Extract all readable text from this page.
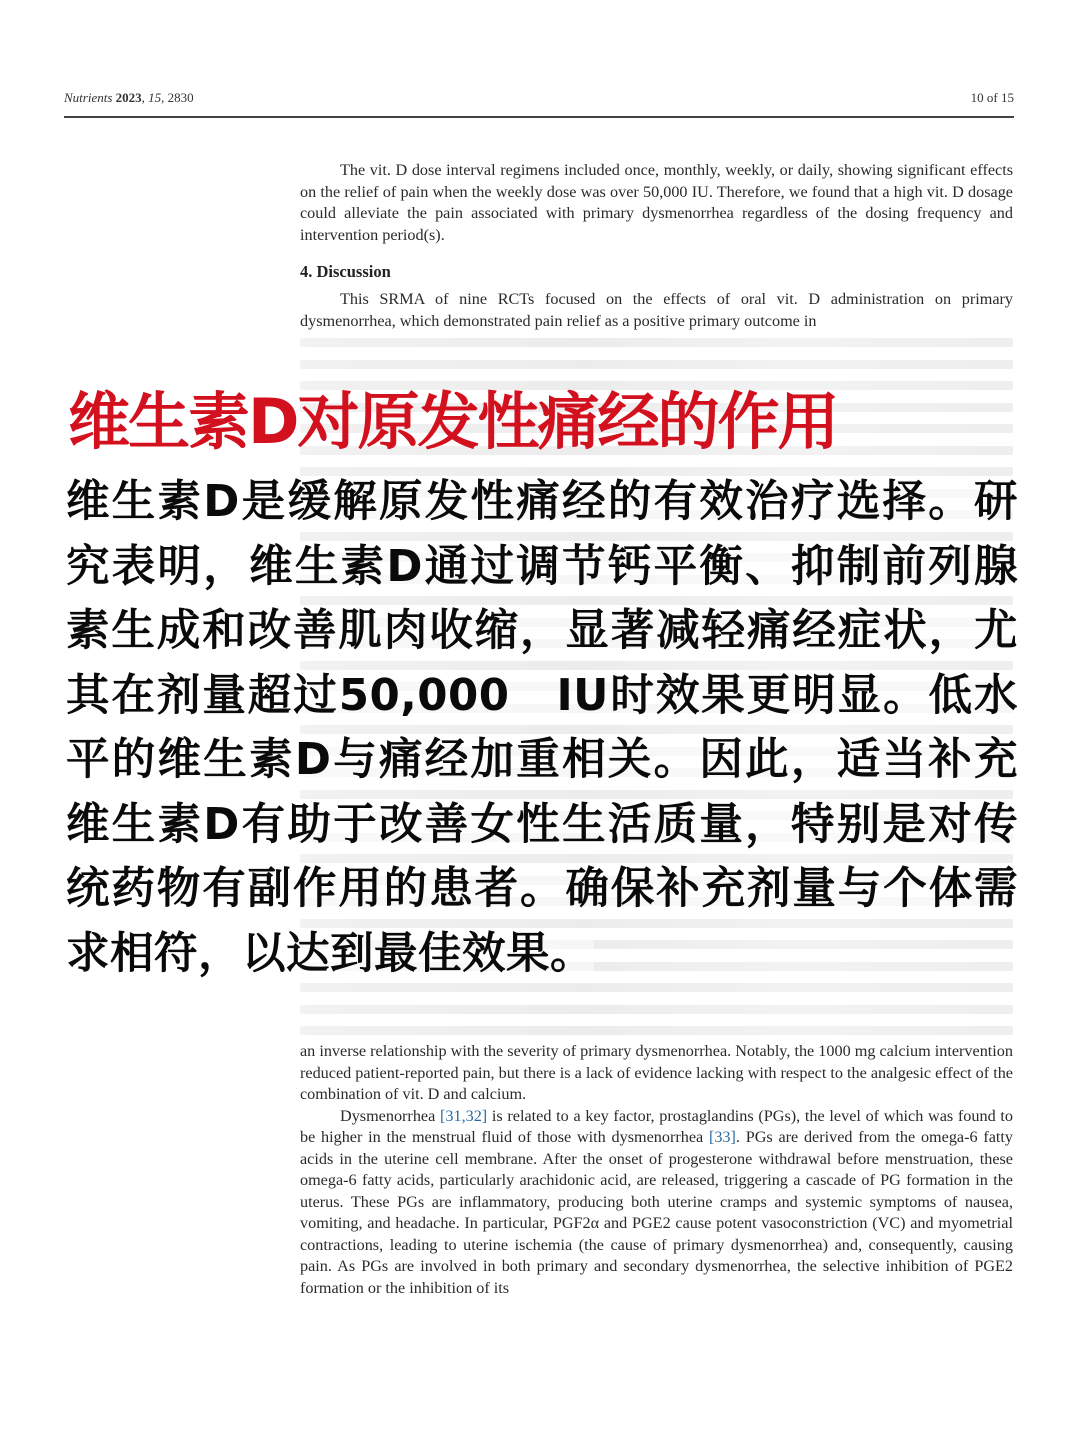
Nutrients 2023, 15, 2830	10 of 15

The vit. D dose interval regimens included once, monthly, weekly, or daily, showing significant effects on the relief of pain when the weekly dose was over 50,000 IU. Therefore, we found that a high vit. D dosage could alleviate the pain associated with primary dysmenorrhea regardless of the dosing frequency and intervention period(s).

4. Discussion

This SRMA of nine RCTs focused on the effects of oral vit. D administration on primary dysmenorrhea, which demonstrated pain relief as a positive primary outcome in

an inverse relationship with the severity of primary dysmenorrhea. Notably, the 1000 mg calcium intervention reduced patient-reported pain, but there is a lack of evidence lacking with respect to the analgesic effect of the combination of vit. D and calcium.

Dysmenorrhea [31,32] is related to a key factor, prostaglandins (PGs), the level of which was found to be higher in the menstrual fluid of those with dysmenorrhea [33]. PGs are derived from the omega-6 fatty acids in the uterine cell membrane. After the onset of progesterone withdrawal before menstruation, these omega-6 fatty acids, particularly arachidonic acid, are released, triggering a cascade of PG formation in the uterus. These PGs are inflammatory, producing both uterine cramps and systemic symptoms of nausea, vomiting, and headache. In particular, PGF2α and PGE2 cause potent vasoconstriction (VC) and myometrial contractions, leading to uterine ischemia (the cause of primary dysmenorrhea) and, consequently, causing pain. As PGs are involved in both primary and secondary dysmenorrhea, the selective inhibition of PGE2 formation or the inhibition of its

维生素D对原发性痛经的作用
维生素D是缓解原发性痛经的有效治疗选择。研究表明，维生素D通过调节钙平衡、抑制前列腺素生成和改善肌肉收缩，显著减轻痛经症状，尤其在剂量超过50,000　IU时效果更明显。低水平的维生素D与痛经加重相关。因此，适当补充维生素D有助于改善女性生活质量，特别是对传统药物有副作用的患者。确保补充剂量与个体需求相符，以达到最佳效果。
